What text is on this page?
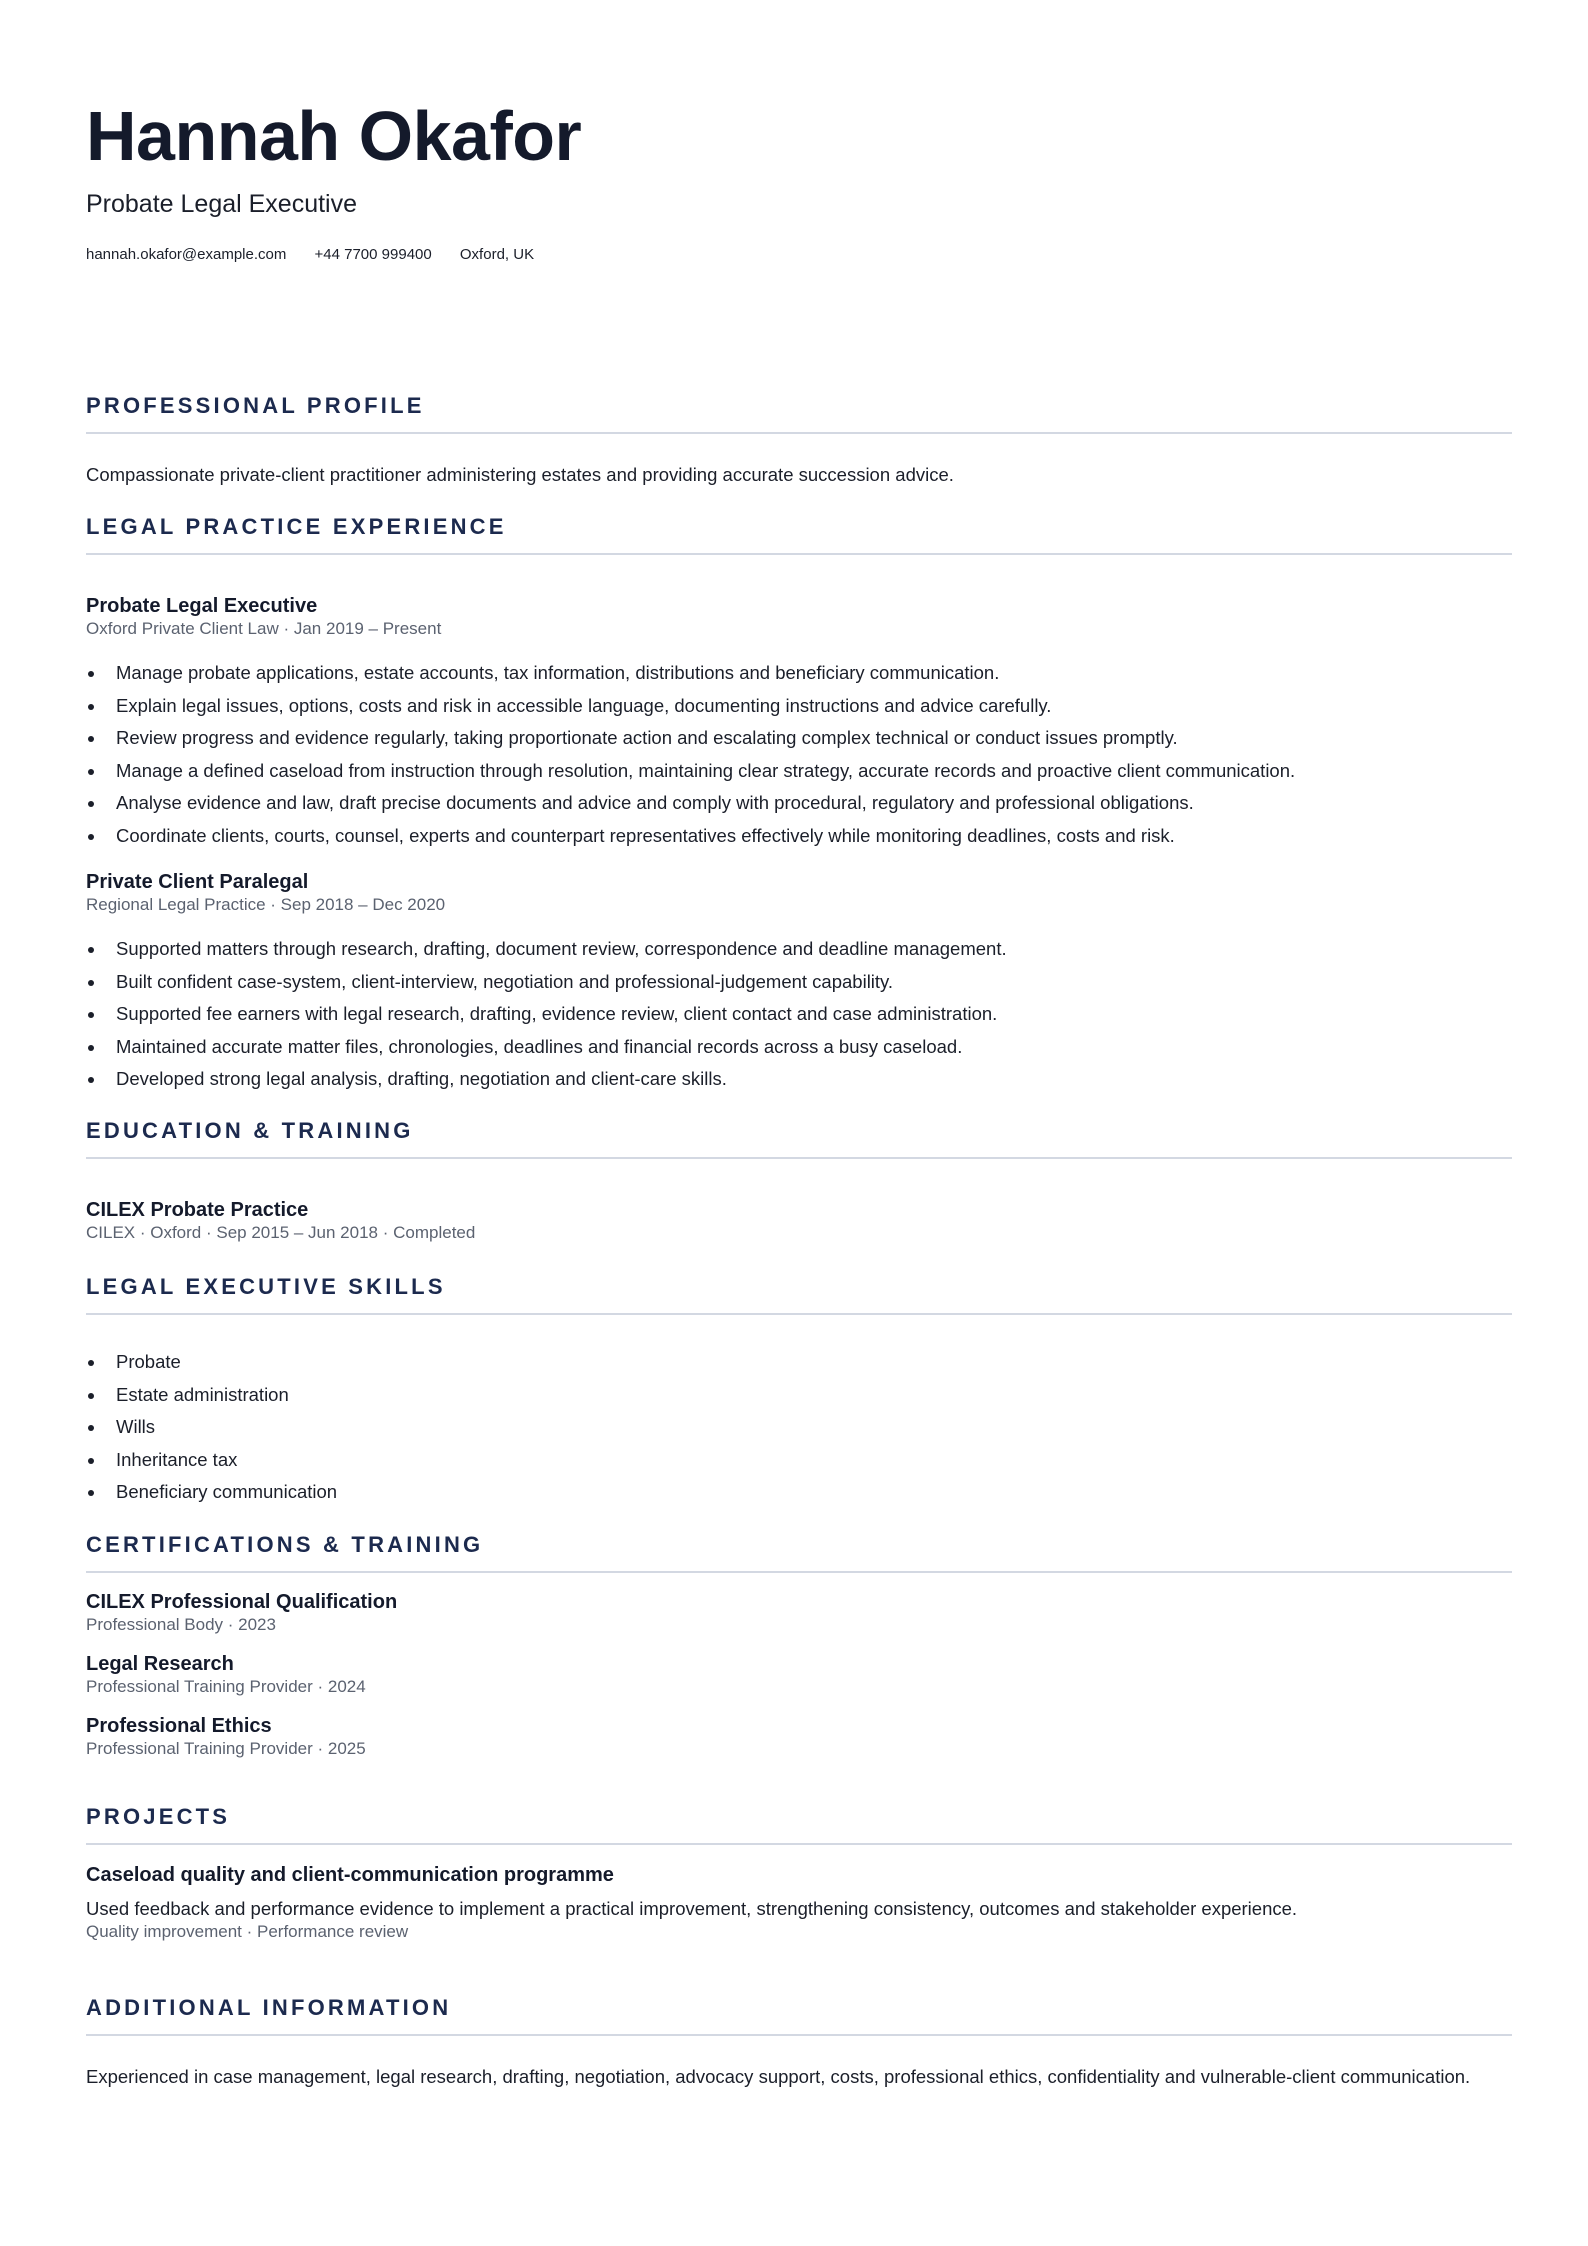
Hannah Okafor

Probate Legal Executive

hannah.okafor@example.com +44 7700 999400 Oxford, UK
PROFESSIONAL PROFILE
Compassionate private-client practitioner administering estates and providing accurate succession advice.
LEGAL PRACTICE EXPERIENCE
Probate Legal Executive
Oxford Private Client Law · Jan 2019 – Present
Manage probate applications, estate accounts, tax information, distributions and beneficiary communication.
Explain legal issues, options, costs and risk in accessible language, documenting instructions and advice carefully.
Review progress and evidence regularly, taking proportionate action and escalating complex technical or conduct issues promptly.
Manage a defined caseload from instruction through resolution, maintaining clear strategy, accurate records and proactive client communication.
Analyse evidence and law, draft precise documents and advice and comply with procedural, regulatory and professional obligations.
Coordinate clients, courts, counsel, experts and counterpart representatives effectively while monitoring deadlines, costs and risk.
Private Client Paralegal
Regional Legal Practice · Sep 2018 – Dec 2020
Supported matters through research, drafting, document review, correspondence and deadline management.
Built confident case-system, client-interview, negotiation and professional-judgement capability.
Supported fee earners with legal research, drafting, evidence review, client contact and case administration.
Maintained accurate matter files, chronologies, deadlines and financial records across a busy caseload.
Developed strong legal analysis, drafting, negotiation and client-care skills.
EDUCATION & TRAINING
CILEX Probate Practice
CILEX · Oxford · Sep 2015 – Jun 2018 · Completed
LEGAL EXECUTIVE SKILLS
Probate
Estate administration
Wills
Inheritance tax
Beneficiary communication
CERTIFICATIONS & TRAINING
CILEX Professional Qualification
Professional Body · 2023
Legal Research
Professional Training Provider · 2024
Professional Ethics
Professional Training Provider · 2025
PROJECTS
Caseload quality and client-communication programme
Used feedback and performance evidence to implement a practical improvement, strengthening consistency, outcomes and stakeholder experience.
Quality improvement · Performance review
ADDITIONAL INFORMATION
Experienced in case management, legal research, drafting, negotiation, advocacy support, costs, professional ethics, confidentiality and vulnerable-client communication.
